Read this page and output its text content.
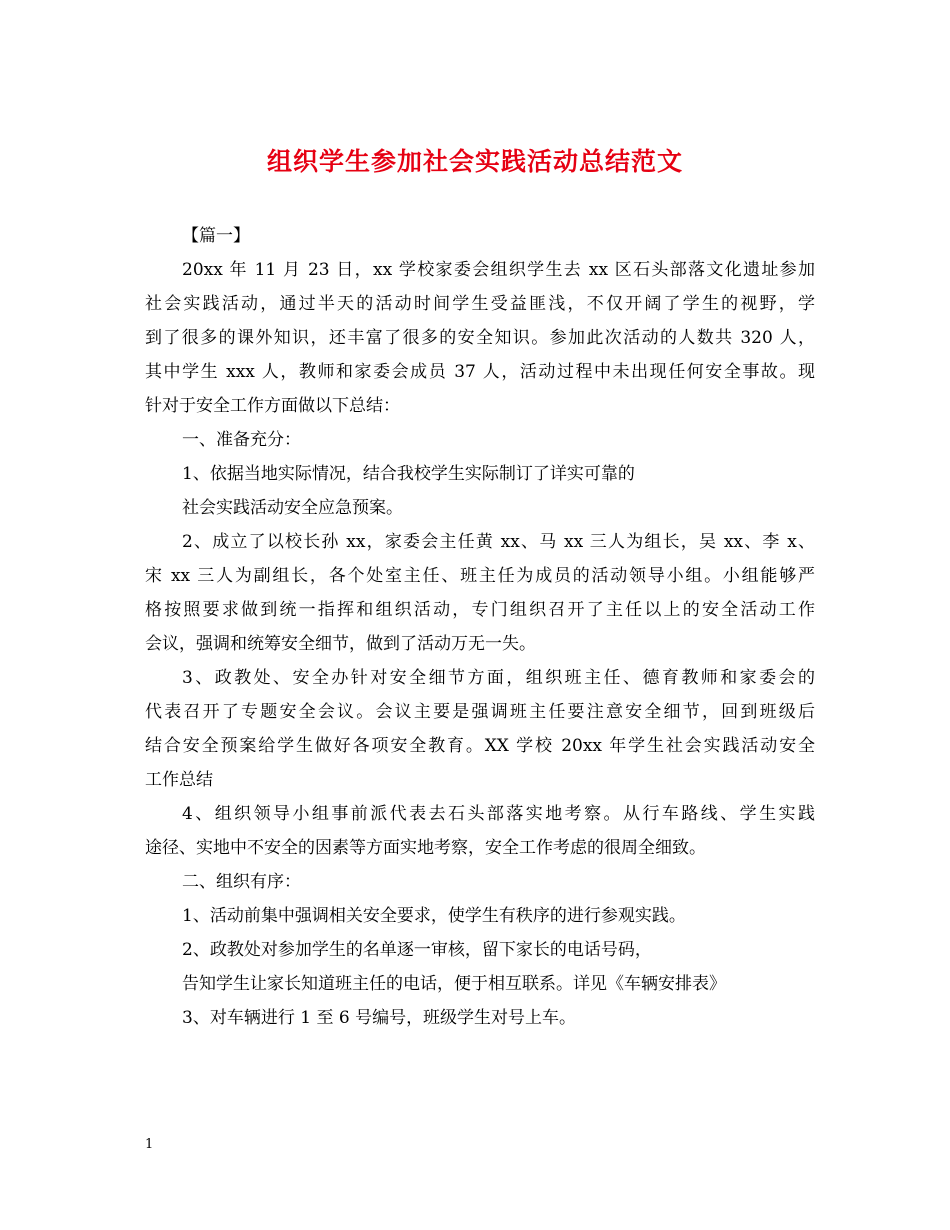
组织学生参加社会实践活动总结范文
【篇一】
20xx 年 11 月 23 日，xx 学校家委会组织学生去 xx 区石头部落文化遗址参加
社会实践活动，通过半天的活动时间学生受益匪浅，不仅开阔了学生的视野，学
到了很多的课外知识，还丰富了很多的安全知识。参加此次活动的人数共 320 人，
其中学生 xxx 人，教师和家委会成员 37 人，活动过程中未出现任何安全事故。现
针对于安全工作方面做以下总结：
一、准备充分：
1、依据当地实际情况，结合我校学生实际制订了详实可靠的
社会实践活动安全应急预案。
2、成立了以校长孙 xx，家委会主任黄 xx、马 xx 三人为组长，吴 xx、李 x、
宋 xx 三人为副组长，各个处室主任、班主任为成员的活动领导小组。小组能够严
格按照要求做到统一指挥和组织活动，专门组织召开了主任以上的安全活动工作
会议，强调和统筹安全细节，做到了活动万无一失。
3、政教处、安全办针对安全细节方面，组织班主任、德育教师和家委会的
代表召开了专题安全会议。会议主要是强调班主任要注意安全细节，回到班级后
结合安全预案给学生做好各项安全教育。XX 学校 20xx 年学生社会实践活动安全
工作总结
4、组织领导小组事前派代表去石头部落实地考察。从行车路线、学生实践
途径、实地中不安全的因素等方面实地考察，安全工作考虑的很周全细致。
二、组织有序：
1、活动前集中强调相关安全要求，使学生有秩序的进行参观实践。
2、政教处对参加学生的名单逐一审核，留下家长的电话号码，
告知学生让家长知道班主任的电话，便于相互联系。详见《车辆安排表》
3、对车辆进行 1 至 6 号编号，班级学生对号上车。
1
